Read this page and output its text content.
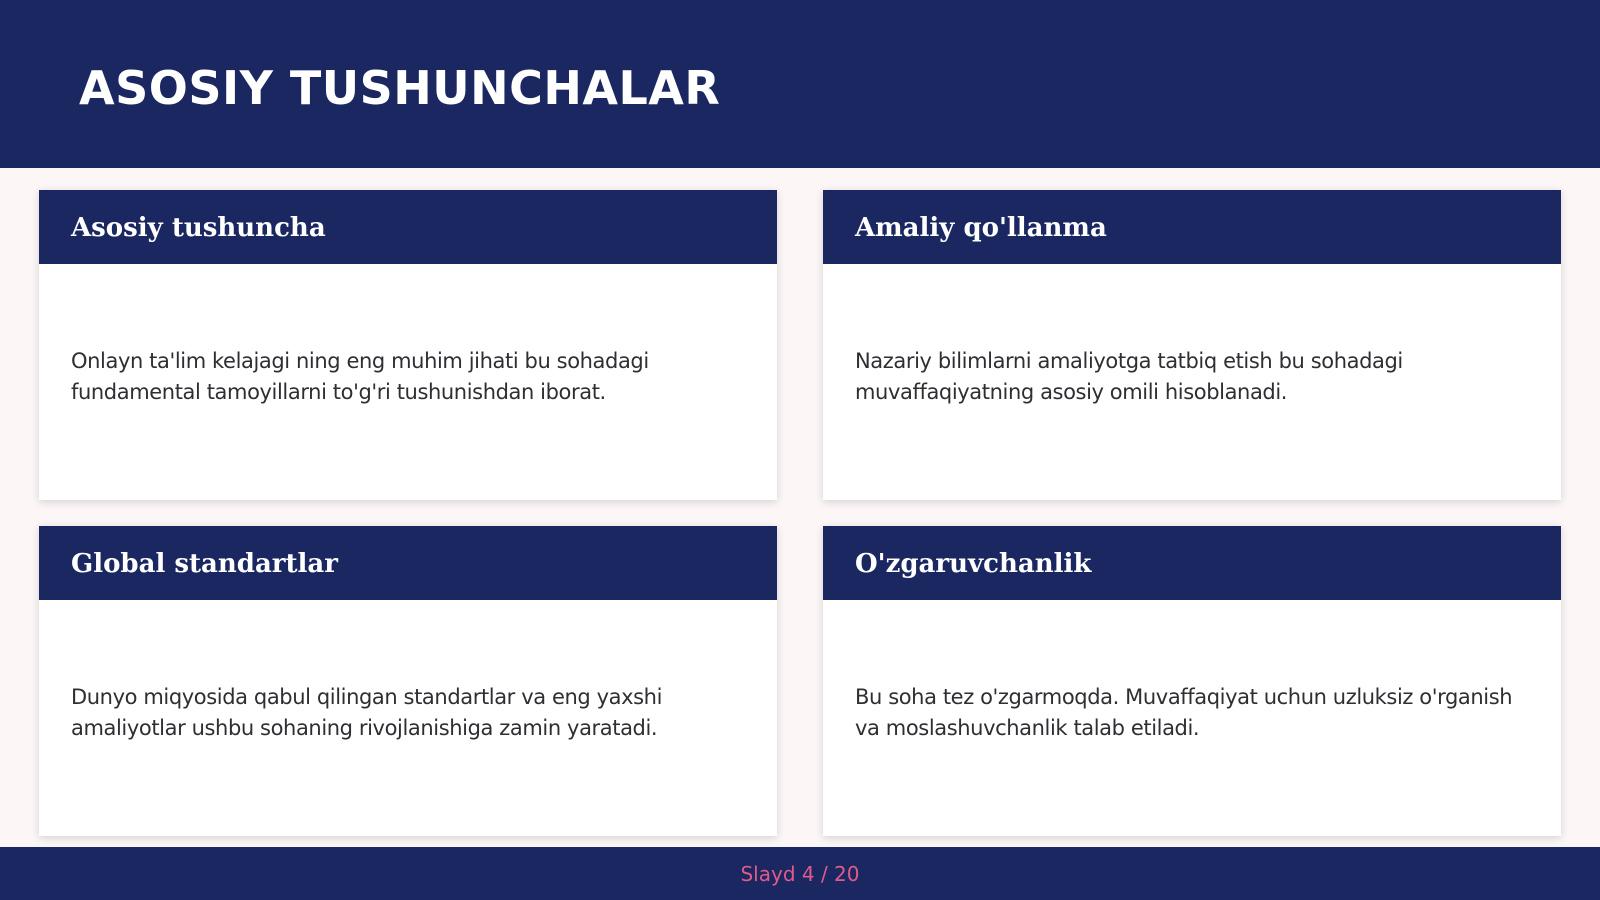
ASOSIY TUSHUNCHALAR
Asosiy tushuncha
Onlayn ta'lim kelajagi ning eng muhim jihati bu sohadagi fundamental tamoyillarni to'g'ri tushunishdan iborat.
Amaliy qo'llanma
Nazariy bilimlarni amaliyotga tatbiq etish bu sohadagi muvaffaqiyatning asosiy omili hisoblanadi.
Global standartlar
Dunyo miqyosida qabul qilingan standartlar va eng yaxshi amaliyotlar ushbu sohaning rivojlanishiga zamin yaratadi.
O'zgaruvchanlik
Bu soha tez o'zgarmoqda. Muvaffaqiyat uchun uzluksiz o'rganish va moslashuvchanlik talab etiladi.
Slayd 4 / 20
